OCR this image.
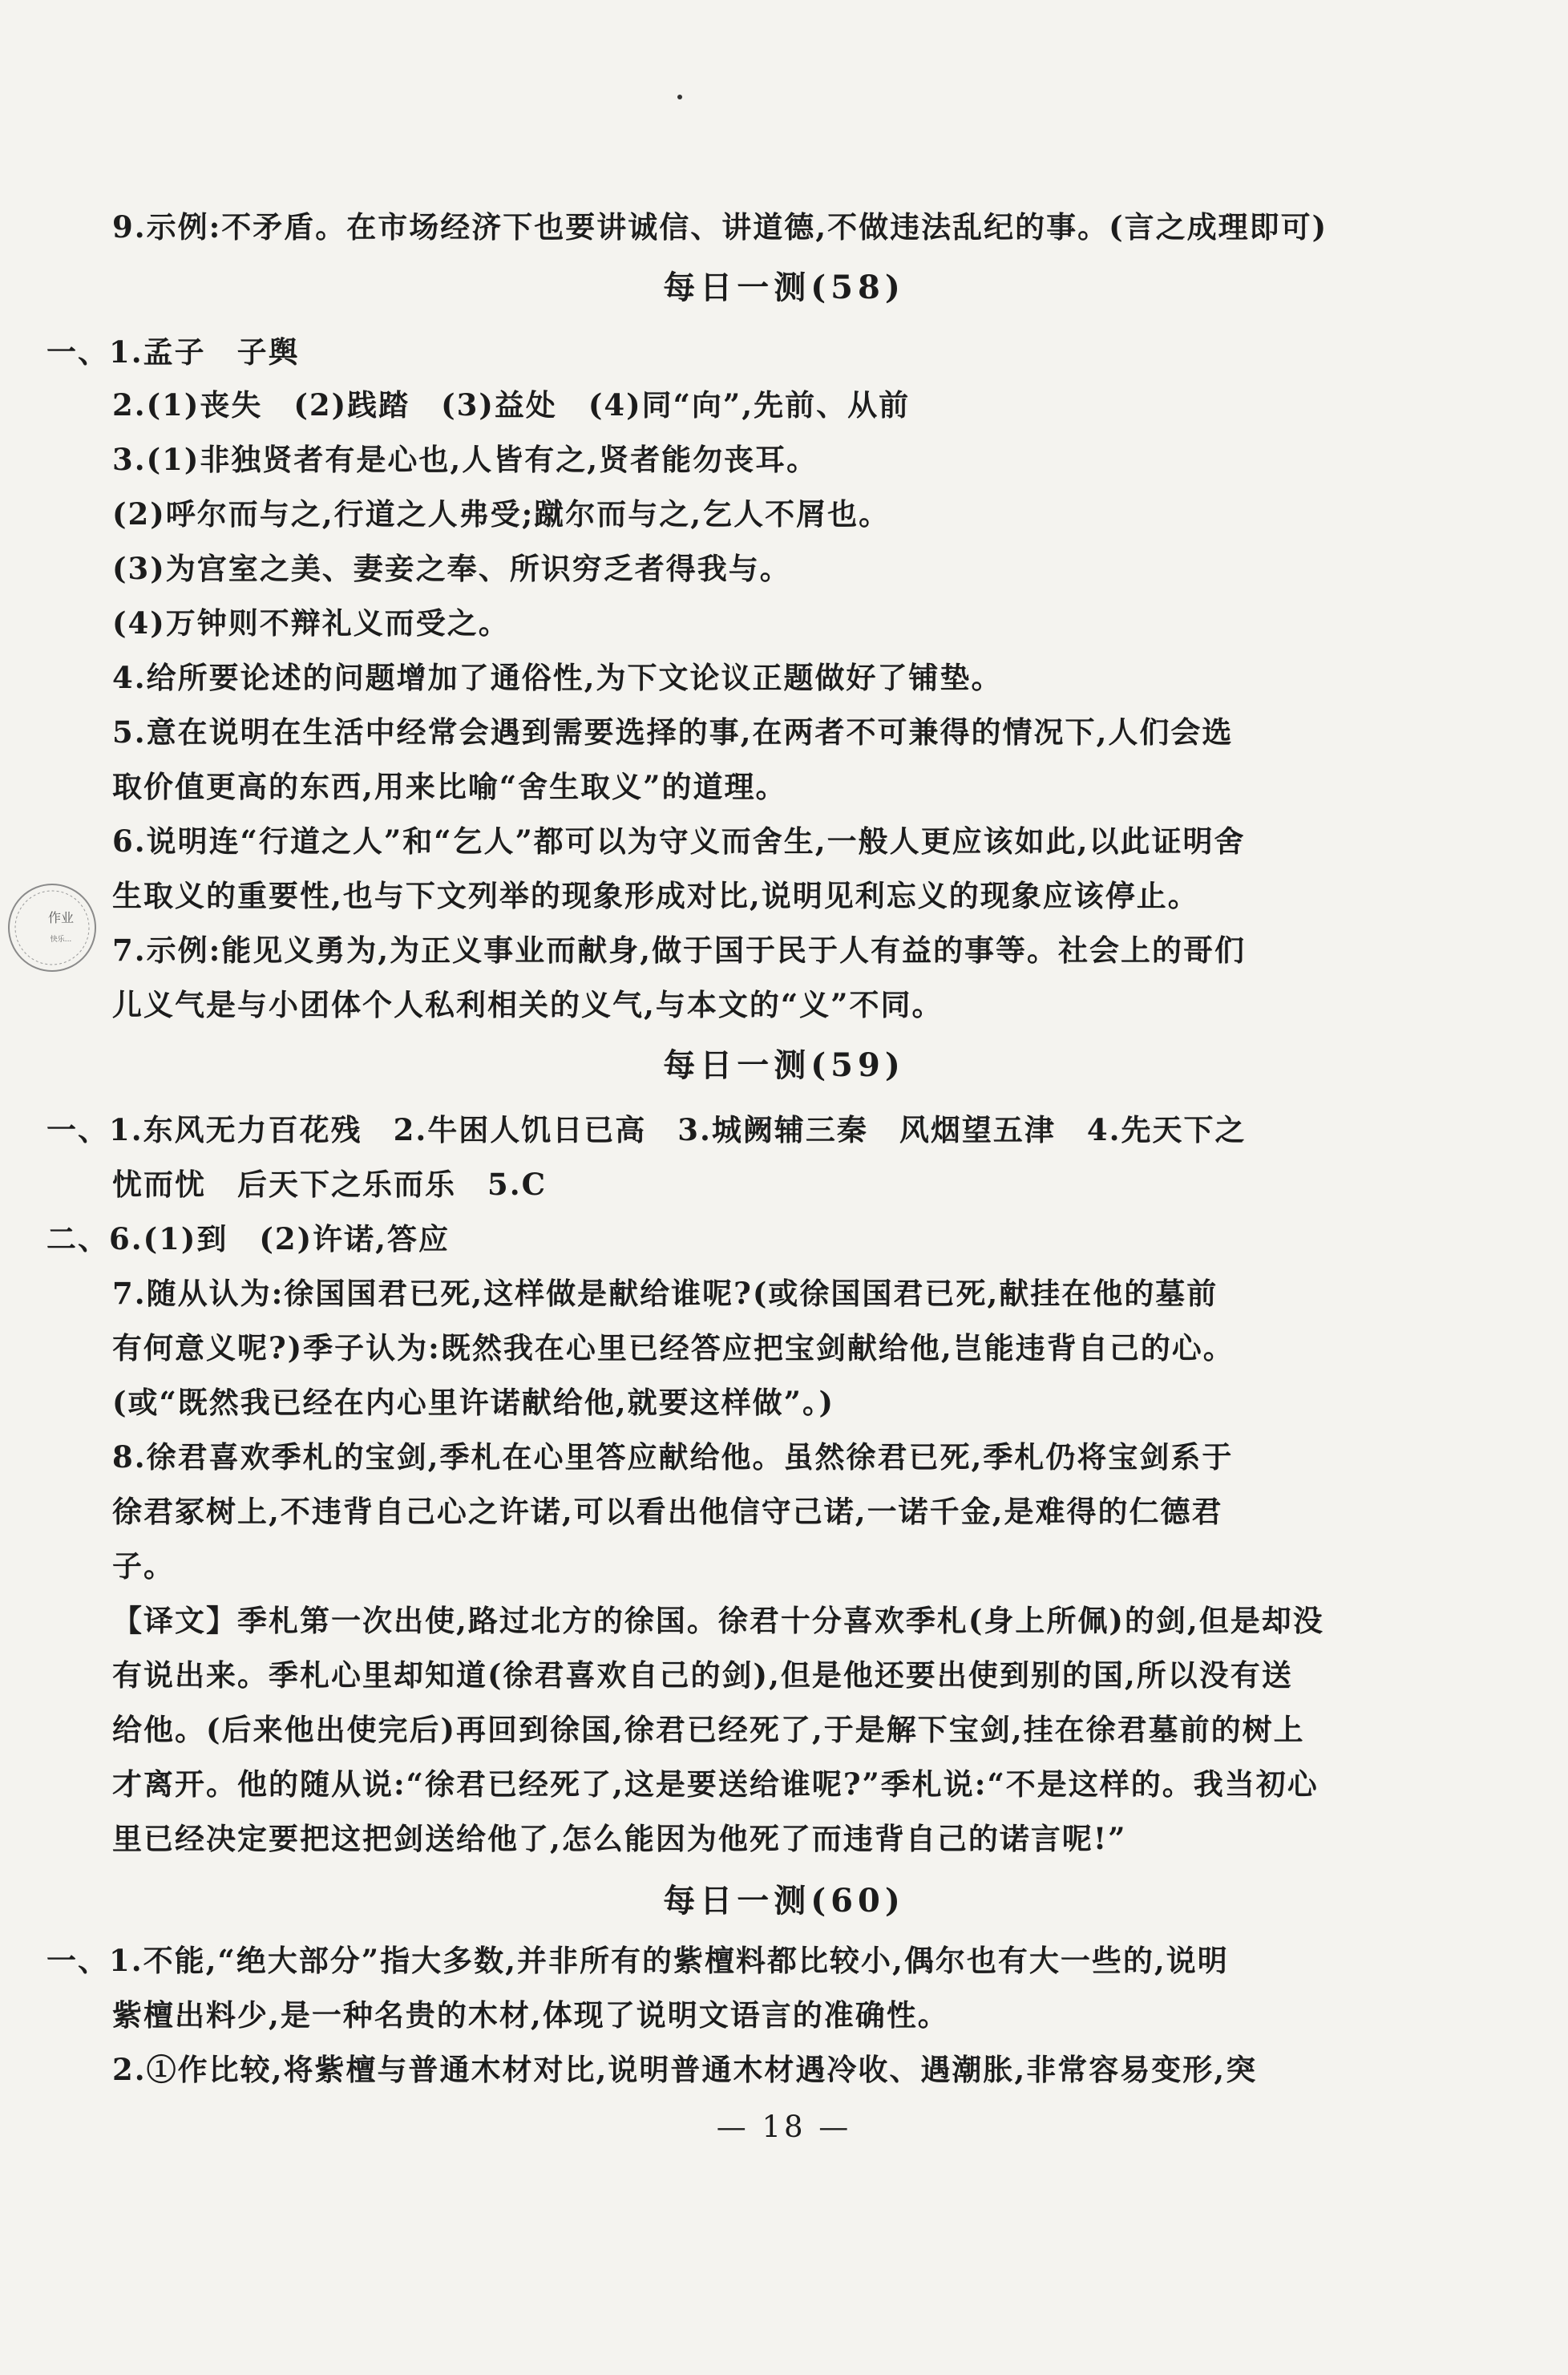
作业
快乐...
9.示例:不矛盾。在市场经济下也要讲诚信、讲道德,不做违法乱纪的事。(言之成理即可)
每日一测(58)
一、1.孟子　子舆
2.(1)丧失　(2)践踏　(3)益处　(4)同“向”,先前、从前
3.(1)非独贤者有是心也,人皆有之,贤者能勿丧耳。
(2)呼尔而与之,行道之人弗受;蹴尔而与之,乞人不屑也。
(3)为宫室之美、妻妾之奉、所识穷乏者得我与。
(4)万钟则不辩礼义而受之。
4.给所要论述的问题增加了通俗性,为下文论议正题做好了铺垫。
5.意在说明在生活中经常会遇到需要选择的事,在两者不可兼得的情况下,人们会选
取价值更高的东西,用来比喻“舍生取义”的道理。
6.说明连“行道之人”和“乞人”都可以为守义而舍生,一般人更应该如此,以此证明舍
生取义的重要性,也与下文列举的现象形成对比,说明见利忘义的现象应该停止。
7.示例:能见义勇为,为正义事业而献身,做于国于民于人有益的事等。社会上的哥们
儿义气是与小团体个人私利相关的义气,与本文的“义”不同。
每日一测(59)
一、1.东风无力百花残　2.牛困人饥日已高　3.城阙辅三秦　风烟望五津　4.先天下之
忧而忧　后天下之乐而乐　5.C
二、6.(1)到　(2)许诺,答应
7.随从认为:徐国国君已死,这样做是献给谁呢?(或徐国国君已死,献挂在他的墓前
有何意义呢?)季子认为:既然我在心里已经答应把宝剑献给他,岂能违背自己的心。
(或“既然我已经在内心里许诺献给他,就要这样做”。)
8.徐君喜欢季札的宝剑,季札在心里答应献给他。虽然徐君已死,季札仍将宝剑系于
徐君冢树上,不违背自己心之许诺,可以看出他信守己诺,一诺千金,是难得的仁德君
子。
【译文】季札第一次出使,路过北方的徐国。徐君十分喜欢季札(身上所佩)的剑,但是却没
有说出来。季札心里却知道(徐君喜欢自己的剑),但是他还要出使到别的国,所以没有送
给他。(后来他出使完后)再回到徐国,徐君已经死了,于是解下宝剑,挂在徐君墓前的树上
才离开。他的随从说:“徐君已经死了,这是要送给谁呢?”季札说:“不是这样的。我当初心
里已经决定要把这把剑送给他了,怎么能因为他死了而违背自己的诺言呢!”
每日一测(60)
一、1.不能,“绝大部分”指大多数,并非所有的紫檀料都比较小,偶尔也有大一些的,说明
紫檀出料少,是一种名贵的木材,体现了说明文语言的准确性。
2.①作比较,将紫檀与普通木材对比,说明普通木材遇冷收、遇潮胀,非常容易变形,突
— 18 —
